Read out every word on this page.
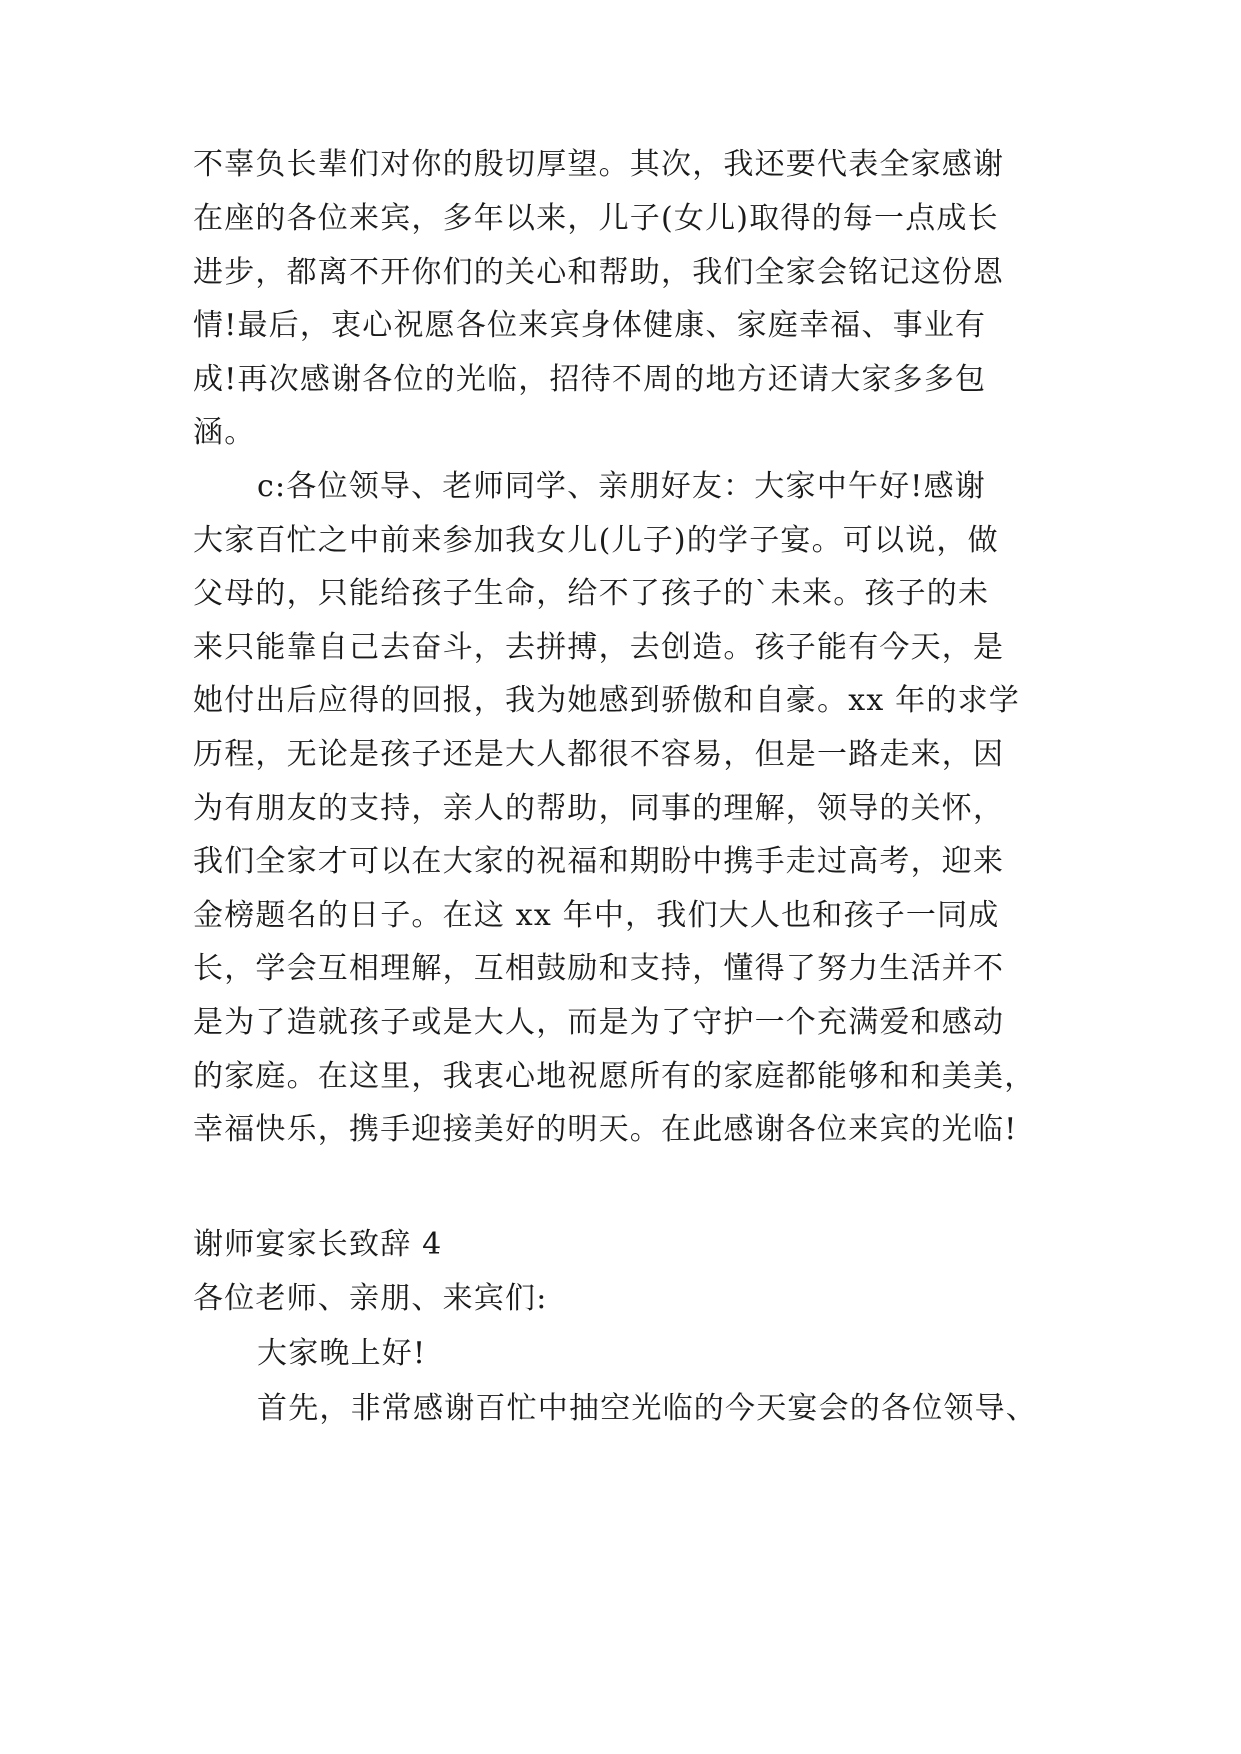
不辜负长辈们对你的殷切厚望。其次，我还要代表全家感谢
在座的各位来宾，多年以来，儿子(女儿)取得的每一点成长
进步，都离不开你们的关心和帮助，我们全家会铭记这份恩
情!最后，衷心祝愿各位来宾身体健康、家庭幸福、事业有
成!再次感谢各位的光临，招待不周的地方还请大家多多包
涵。
c:各位领导、老师同学、亲朋好友：大家中午好!感谢
大家百忙之中前来参加我女儿(儿子)的学子宴。可以说，做
父母的，只能给孩子生命，给不了孩子的`未来。孩子的未
来只能靠自己去奋斗，去拼搏，去创造。孩子能有今天，是
她付出后应得的回报，我为她感到骄傲和自豪。xx 年的求学
历程，无论是孩子还是大人都很不容易，但是一路走来，因
为有朋友的支持，亲人的帮助，同事的理解，领导的关怀，
我们全家才可以在大家的祝福和期盼中携手走过高考，迎来
金榜题名的日子。在这 xx 年中，我们大人也和孩子一同成
长，学会互相理解，互相鼓励和支持，懂得了努力生活并不
是为了造就孩子或是大人，而是为了守护一个充满爱和感动
的家庭。在这里，我衷心地祝愿所有的家庭都能够和和美美，
幸福快乐，携手迎接美好的明天。在此感谢各位来宾的光临!
谢师宴家长致辞 4
各位老师、亲朋、来宾们:
大家晚上好!
首先，非常感谢百忙中抽空光临的今天宴会的各位领导、
